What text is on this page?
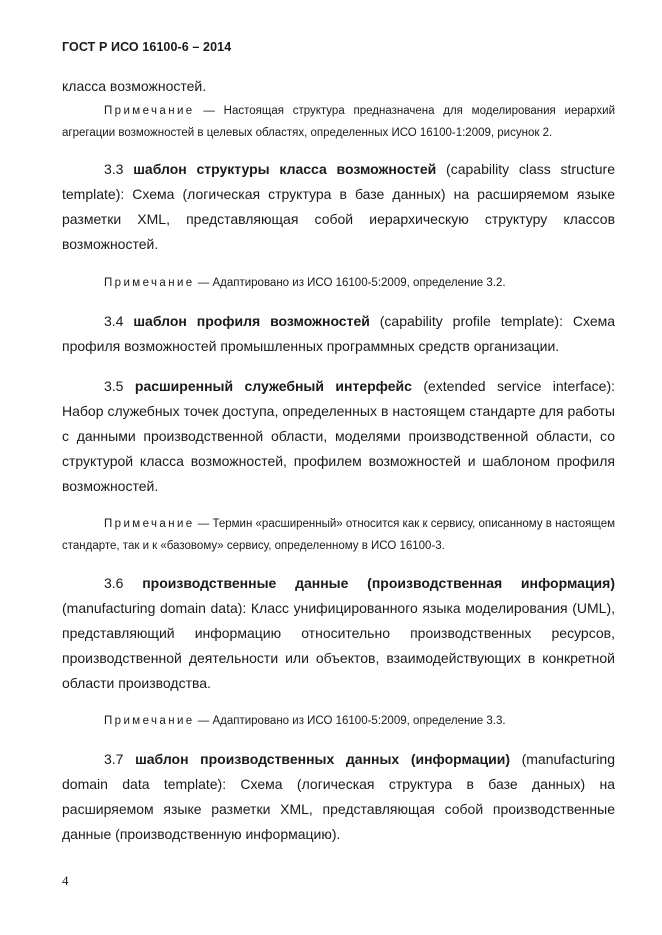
ГОСТ Р ИСО 16100-6 – 2014
класса возможностей.
Примечание — Настоящая структура предназначена для моделирования иерархий агрегации возможностей в целевых областях, определенных ИСО 16100-1:2009, рисунок 2.
3.3 шаблон структуры класса возможностей (capability class structure template): Схема (логическая структура в базе данных) на расширяемом языке разметки XML, представляющая собой иерархическую структуру классов возможностей.
Примечание — Адаптировано из ИСО 16100-5:2009, определение 3.2.
3.4 шаблон профиля возможностей (capability profile template): Схема профиля возможностей промышленных программных средств организации.
3.5 расширенный служебный интерфейс (extended service interface): Набор служебных точек доступа, определенных в настоящем стандарте для работы с данными производственной области, моделями производственной области, со структурой класса возможностей, профилем возможностей и шаблоном профиля возможностей.
Примечание — Термин «расширенный» относится как к сервису, описанному в настоящем стандарте, так и к «базовому» сервису, определенному в ИСО 16100-3.
3.6 производственные данные (производственная информация) (manufacturing domain data): Класс унифицированного языка моделирования (UML), представляющий информацию относительно производственных ресурсов, производственной деятельности или объектов, взаимодействующих в конкретной области производства.
Примечание — Адаптировано из ИСО 16100-5:2009, определение 3.3.
3.7 шаблон производственных данных (информации) (manufacturing domain data template): Схема (логическая структура в базе данных) на расширяемом языке разметки XML, представляющая собой производственные данные (производственную информацию).
4
